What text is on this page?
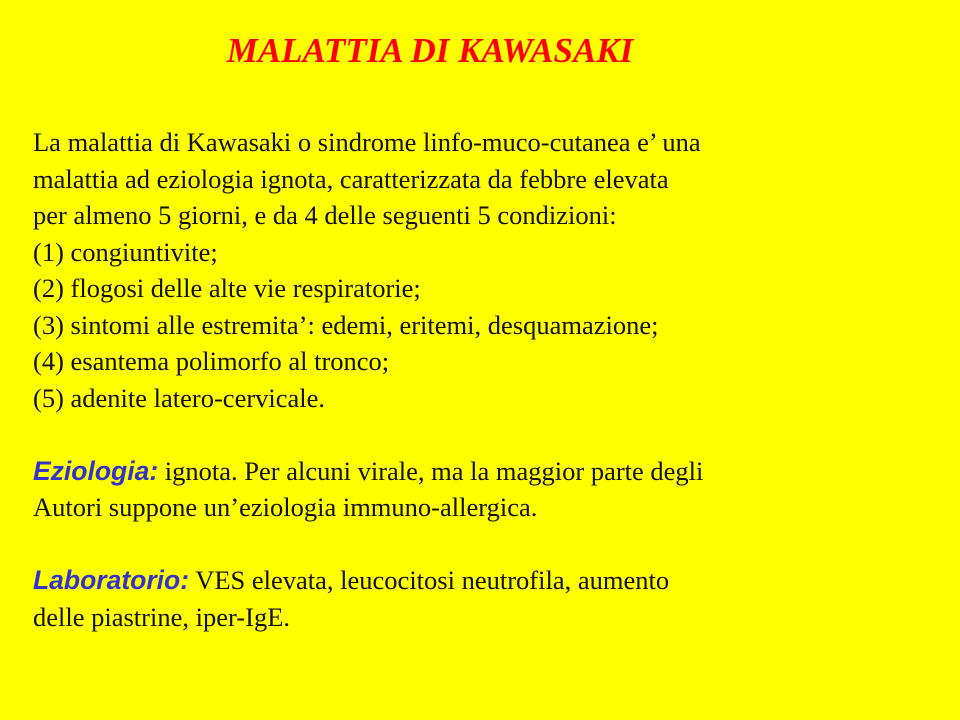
MALATTIA DI KAWASAKI
La malattia di Kawasaki o sindrome linfo-muco-cutanea e’ una
malattia ad eziologia ignota, caratterizzata da febbre elevata
per almeno 5 giorni, e da 4 delle seguenti 5 condizioni:
(1) congiuntivite;
(2) flogosi delle alte vie respiratorie;
(3) sintomi alle estremita’: edemi, eritemi, desquamazione;
(4) esantema polimorfo al tronco;
(5) adenite latero-cervicale.
Eziologia: ignota. Per alcuni virale, ma la maggior parte degli
Autori suppone un’eziologia immuno-allergica.
Laboratorio: VES elevata, leucocitosi neutrofila, aumento
delle piastrine, iper-IgE.
